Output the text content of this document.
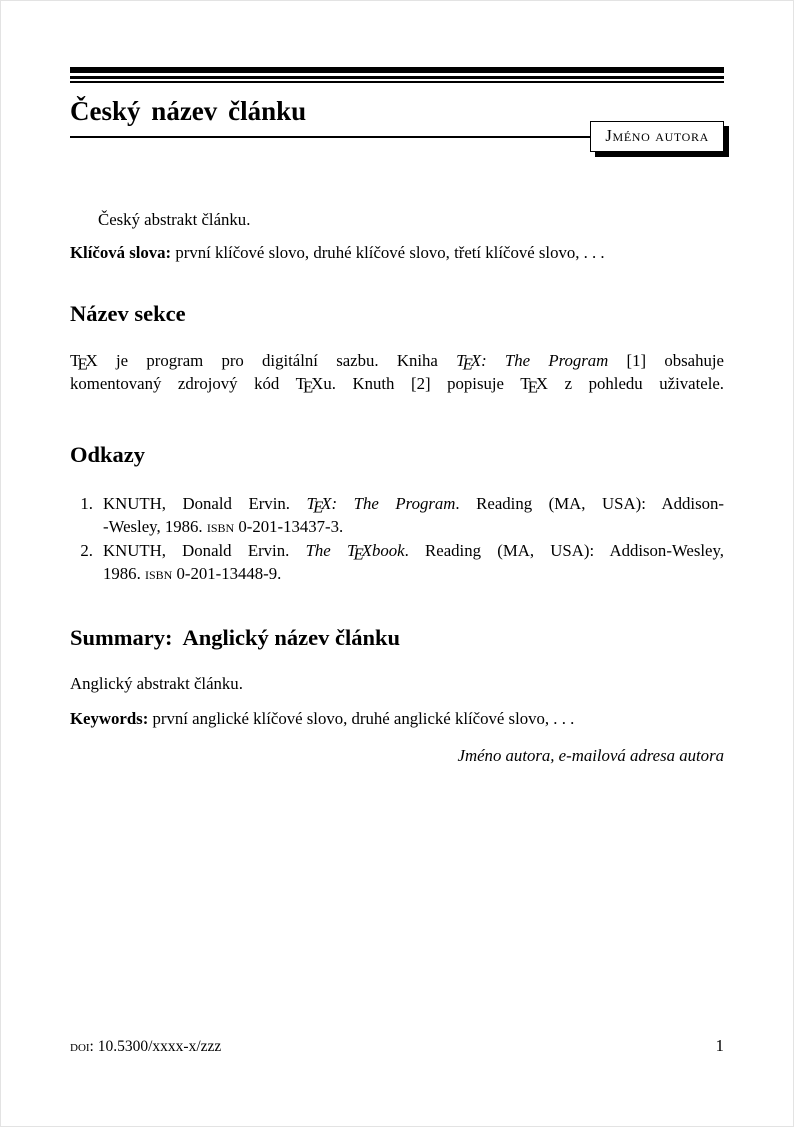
Český název článku
Jméno autora
Český abstrakt článku.
Klíčová slova: první klíčové slovo, druhé klíčové slovo, třetí klíčové slovo, . . .
Název sekce
TEX je program pro digitální sazbu. Kniha TEX: The Program [1] obsahuje
komentovaný zdrojový kód TEXu. Knuth [2] popisuje TEX z pohledu uživatele.
Odkazy
1. KNUTH, Donald Ervin. TEX: The Program. Reading (MA, USA): Addison-
-Wesley, 1986. isbn 0-201-13437-3.
2. KNUTH, Donald Ervin. The TEXbook. Reading (MA, USA): Addison-Wesley,
1986. isbn 0-201-13448-9.
Summary: Anglický název článku
Anglický abstrakt článku.
Keywords: první anglické klíčové slovo, druhé anglické klíčové slovo, . . .
Jméno autora, e-mailová adresa autora
doi: 10.5300/xxxx-x/zzz	1
